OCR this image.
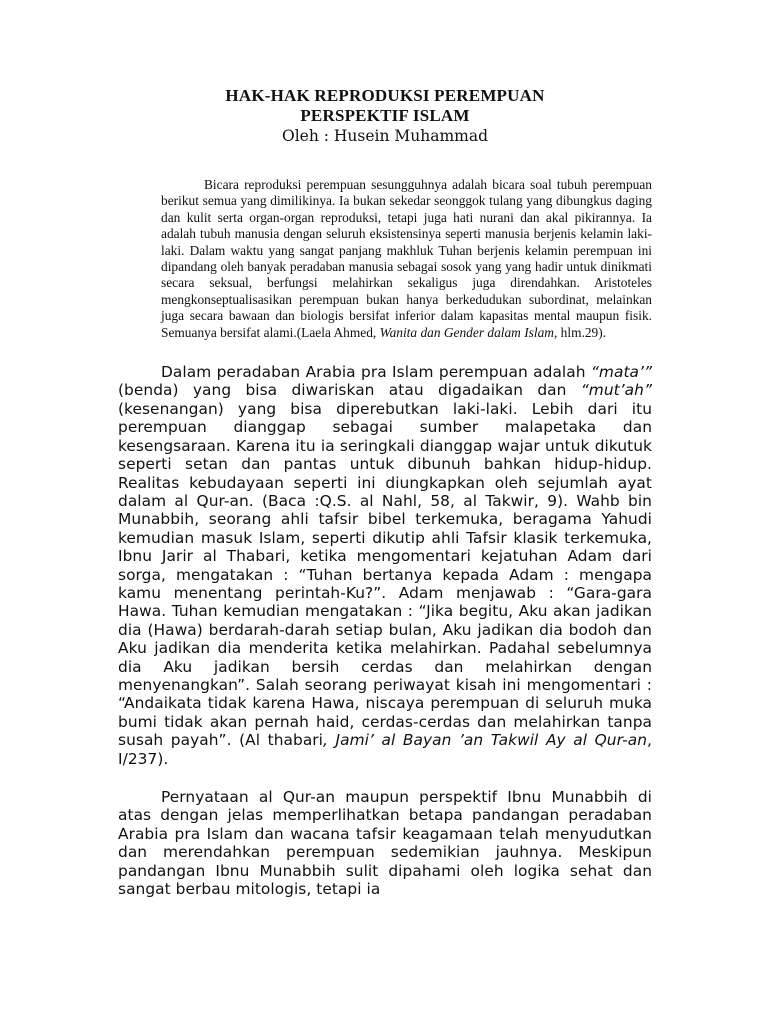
HAK-HAK REPRODUKSI PEREMPUAN
PERSPEKTIF ISLAM
Oleh : Husein Muhammad

Bicara reproduksi perempuan sesungguhnya adalah bicara soal tubuh perempuan berikut semua yang dimilikinya. Ia bukan sekedar seonggok tulang yang dibungkus daging dan kulit serta organ-organ reproduksi, tetapi juga hati nurani dan akal pikirannya. Ia adalah tubuh manusia dengan seluruh eksistensinya seperti manusia berjenis kelamin laki-laki. Dalam waktu yang sangat panjang makhluk Tuhan berjenis kelamin perempuan ini dipandang oleh banyak peradaban manusia sebagai sosok yang yang hadir untuk dinikmati secara seksual, berfungsi melahirkan sekaligus juga direndahkan. Aristoteles mengkonseptualisasikan perempuan bukan hanya berkedudukan subordinat, melainkan juga secara bawaan dan biologis bersifat inferior dalam kapasitas mental maupun fisik. Semuanya bersifat alami.(Laela Ahmed, Wanita dan Gender dalam Islam, hlm.29).

Dalam peradaban Arabia pra Islam perempuan adalah “mata’” (benda) yang bisa diwariskan atau digadaikan dan “mut’ah” (kesenangan) yang bisa diperebutkan laki-laki. Lebih dari itu perempuan dianggap sebagai sumber malapetaka dan kesengsaraan. Karena itu ia seringkali dianggap wajar untuk dikutuk seperti setan dan pantas untuk dibunuh bahkan hidup-hidup. Realitas kebudayaan seperti ini diungkapkan oleh sejumlah ayat dalam al Qur-an. (Baca :Q.S. al Nahl, 58, al Takwir, 9). Wahb bin Munabbih, seorang ahli tafsir bibel terkemuka, beragama Yahudi kemudian masuk Islam, seperti dikutip ahli Tafsir klasik terkemuka, Ibnu Jarir al Thabari, ketika mengomentari kejatuhan Adam dari sorga, mengatakan : “Tuhan bertanya kepada Adam : mengapa kamu menentang perintah-Ku?”. Adam menjawab : “Gara-gara Hawa. Tuhan kemudian mengatakan : “Jika begitu, Aku akan jadikan dia (Hawa) berdarah-darah setiap bulan, Aku jadikan dia bodoh dan Aku jadikan dia menderita ketika melahirkan. Padahal sebelumnya dia Aku jadikan bersih cerdas dan melahirkan dengan menyenangkan”. Salah seorang periwayat kisah ini mengomentari : “Andaikata tidak karena Hawa, niscaya perempuan di seluruh muka bumi tidak akan pernah haid, cerdas-cerdas dan melahirkan tanpa susah payah”. (Al thabari, Jami’ al Bayan ’an Takwil Ay al Qur-an, I/237).

Pernyataan al Qur-an maupun perspektif Ibnu Munabbih di atas dengan jelas memperlihatkan betapa pandangan peradaban Arabia pra Islam dan wacana tafsir keagamaan telah menyudutkan dan merendahkan perempuan sedemikian jauhnya. Meskipun pandangan Ibnu Munabbih sulit dipahami oleh logika sehat dan sangat berbau mitologis, tetapi ia
